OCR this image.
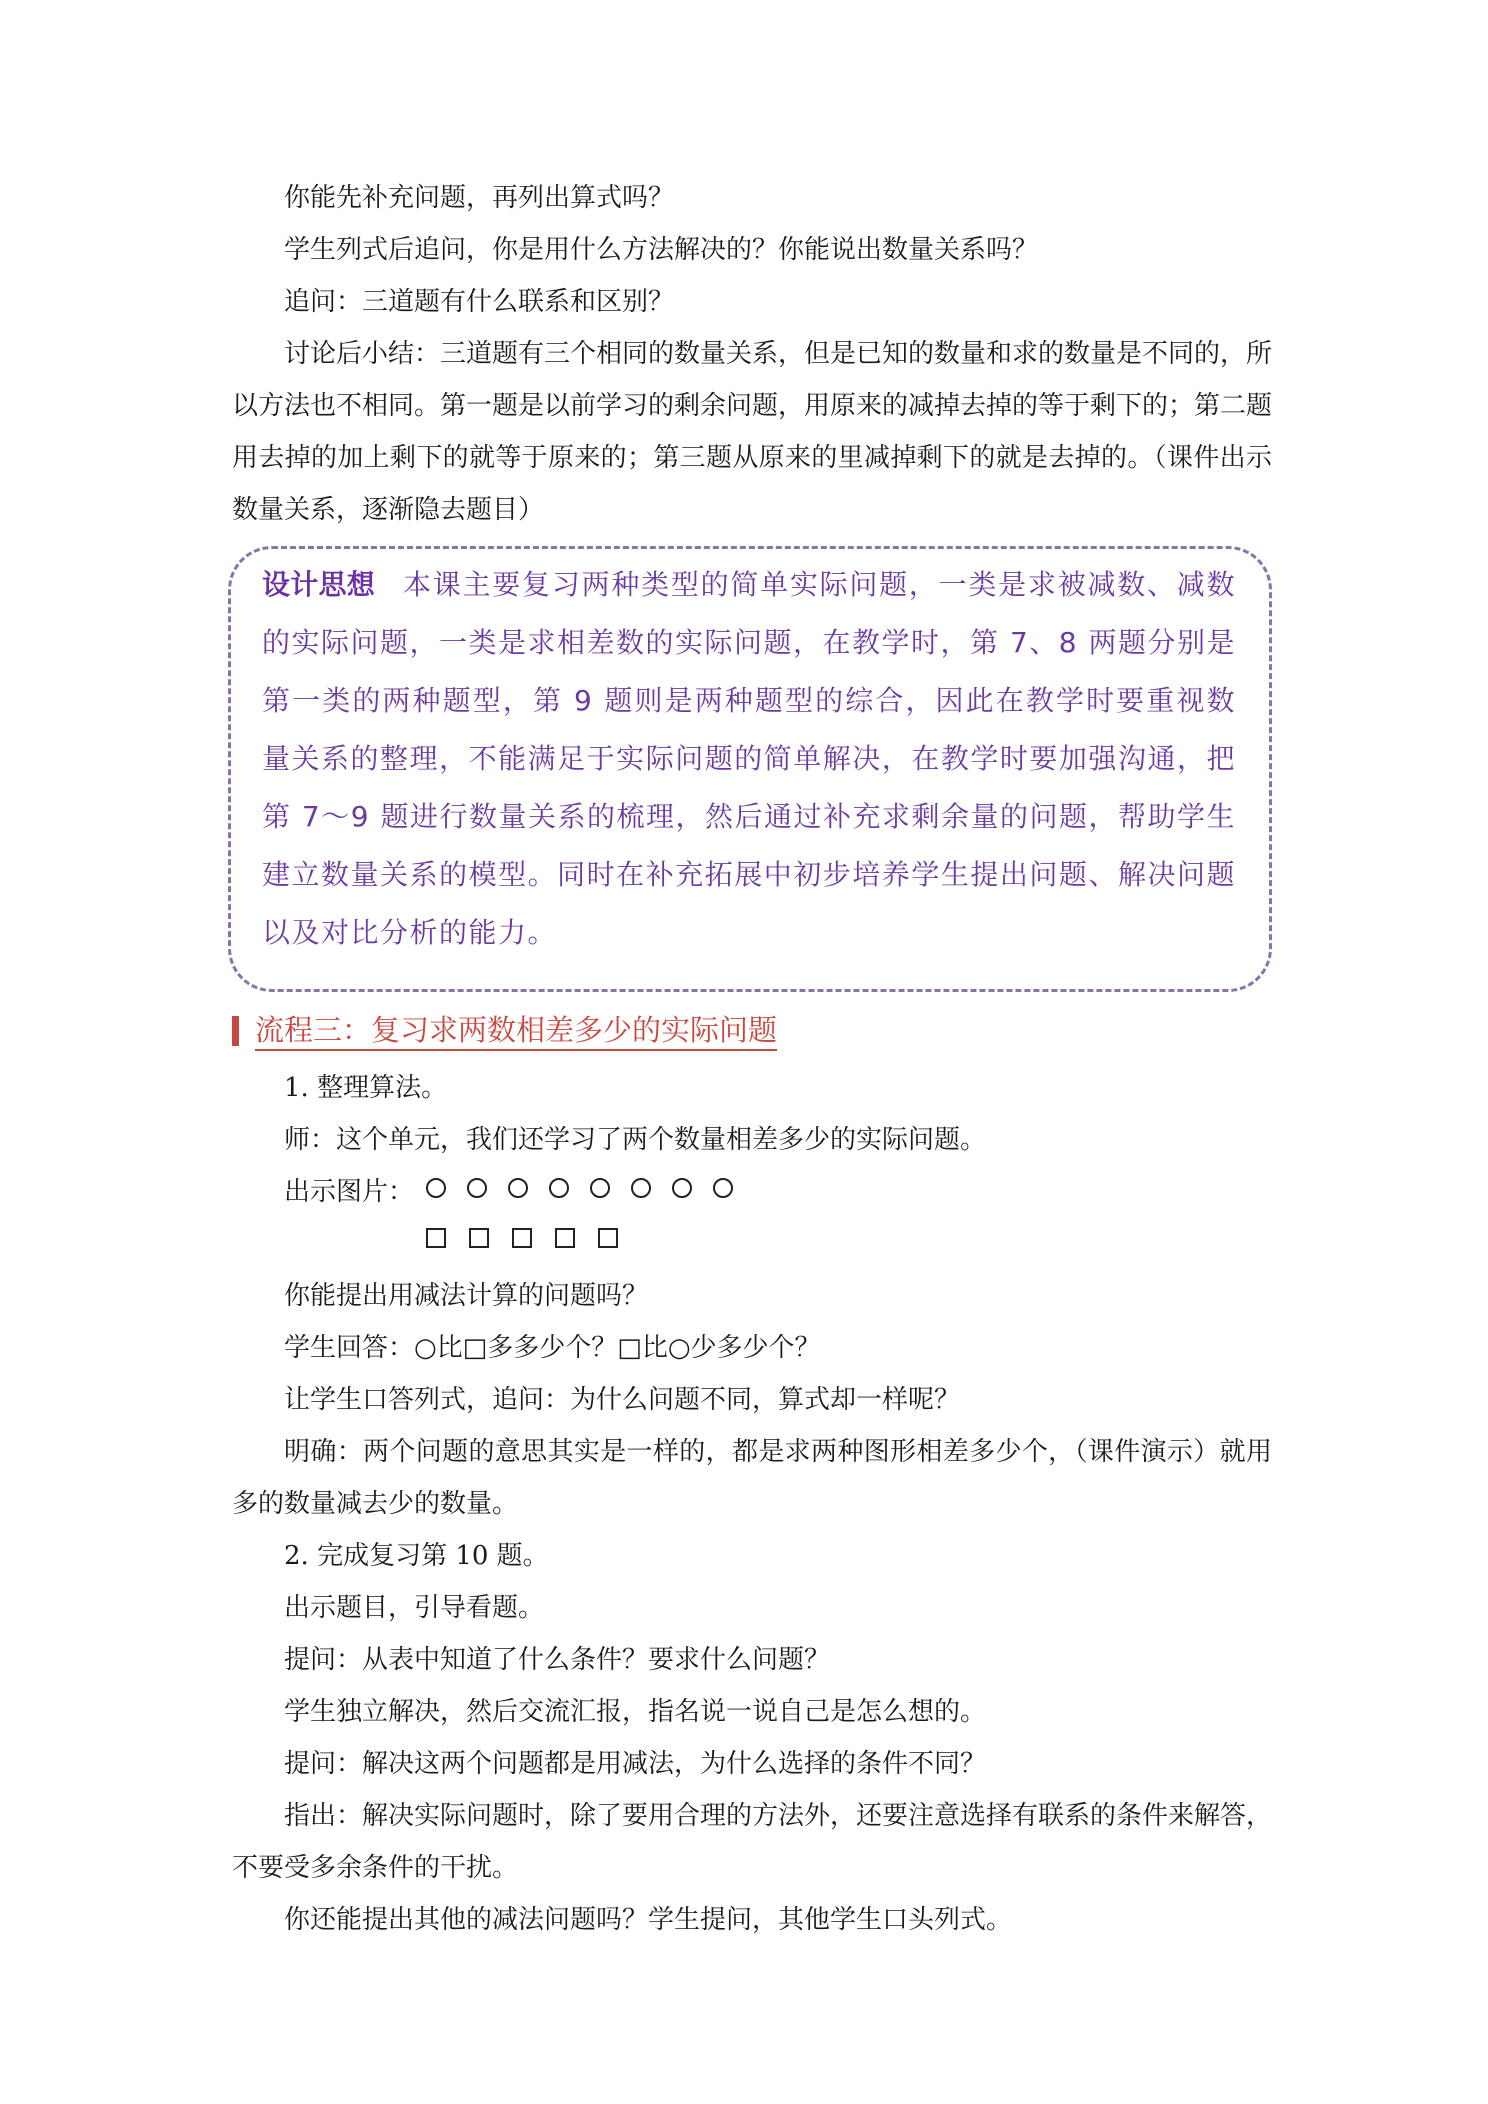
你能先补充问题，再列出算式吗？
学生列式后追问，你是用什么方法解决的？你能说出数量关系吗？
追问：三道题有什么联系和区别？
讨论后小结：三道题有三个相同的数量关系，但是已知的数量和求的数量是不同的，所以方法也不相同。第一题是以前学习的剩余问题，用原来的减掉去掉的等于剩下的；第二题用去掉的加上剩下的就等于原来的；第三题从原来的里减掉剩下的就是去掉的。（课件出示数量关系，逐渐隐去题目）
设计思想 本课主要复习两种类型的简单实际问题，一类是求被减数、减数的实际问题，一类是求相差数的实际问题，在教学时，第 7、8 两题分别是第一类的两种题型，第 9 题则是两种题型的综合，因此在教学时要重视数量关系的整理，不能满足于实际问题的简单解决，在教学时要加强沟通，把第 7～9 题进行数量关系的梳理，然后通过补充求剩余量的问题，帮助学生建立数量关系的模型。同时在补充拓展中初步培养学生提出问题、解决问题以及对比分析的能力。
流程三：复习求两数相差多少的实际问题
1. 整理算法。
师：这个单元，我们还学习了两个数量相差多少的实际问题。
出示图片：
你能提出用减法计算的问题吗？
学生回答：○比□多多少个？□比○少多少个？
让学生口答列式，追问：为什么问题不同，算式却一样呢？
明确：两个问题的意思其实是一样的，都是求两种图形相差多少个，（课件演示）就用多的数量减去少的数量。
2. 完成复习第 10 题。
出示题目，引导看题。
提问：从表中知道了什么条件？要求什么问题？
学生独立解决，然后交流汇报，指名说一说自己是怎么想的。
提问：解决这两个问题都是用减法，为什么选择的条件不同？
指出：解决实际问题时，除了要用合理的方法外，还要注意选择有联系的条件来解答，不要受多余条件的干扰。
你还能提出其他的减法问题吗？学生提问，其他学生口头列式。
